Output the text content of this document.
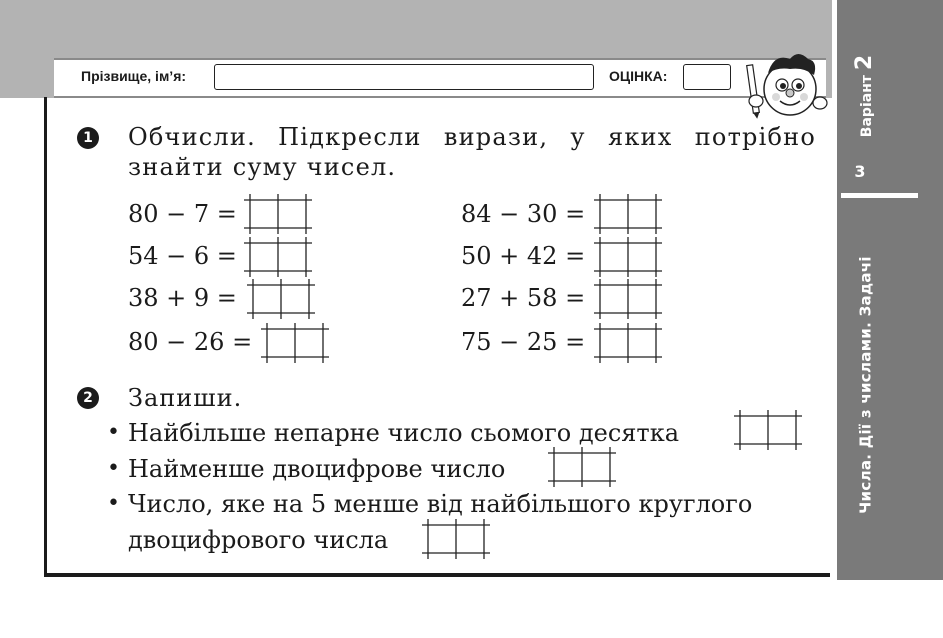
Варіант 2
3
Числа. Дії з числами. Задачі
Прізвище, ім’я:	ОЦІНКА:
1 Обчисли. Підкресли вирази, у яких потрібно знайти суму чисел.
80 − 7 =
54 − 6 =
38 + 9 =
80 − 26 =
84 − 30 =
50 + 42 =
27 + 58 =
75 − 25 =
2 Запиши.
• Найбільше непарне число сьомого десятка
• Найменше двоцифрове число
• Число, яке на 5 менше від найбільшого круглого
двоцифрового числа
